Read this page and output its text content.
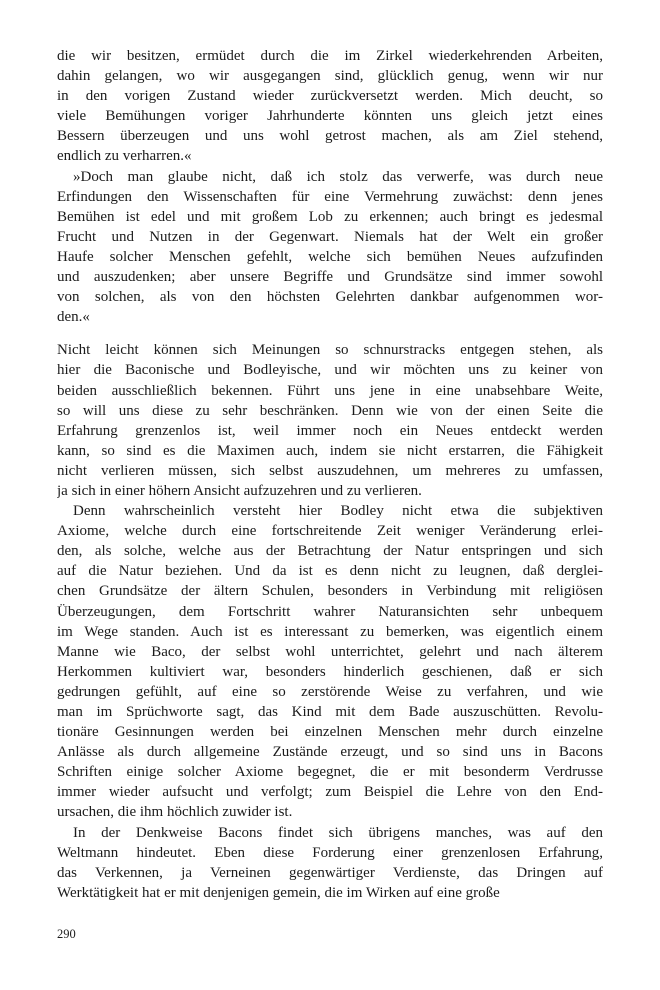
die wir besitzen, ermüdet durch die im Zirkel wiederkehrenden Arbeiten,
dahin gelangen, wo wir ausgegangen sind, glücklich genug, wenn wir nur
in den vorigen Zustand wieder zurückversetzt werden. Mich deucht, so
viele Bemühungen voriger Jahrhunderte könnten uns gleich jetzt eines
Bessern überzeugen und uns wohl getrost machen, als am Ziel stehend,
endlich zu verharren.«

»Doch man glaube nicht, daß ich stolz das verwerfe, was durch neue
Erfindungen den Wissenschaften für eine Vermehrung zuwächst: denn jenes
Bemühen ist edel und mit großem Lob zu erkennen; auch bringt es jedesmal
Frucht und Nutzen in der Gegenwart. Niemals hat der Welt ein großer
Haufe solcher Menschen gefehlt, welche sich bemühen Neues aufzufinden
und auszudenken; aber unsere Begriffe und Grundsätze sind immer sowohl
von solchen, als von den höchsten Gelehrten dankbar aufgenommen wor-
den.«

Nicht leicht können sich Meinungen so schnurstracks entgegen stehen, als
hier die Baconische und Bodleyische, und wir möchten uns zu keiner von
beiden ausschließlich bekennen. Führt uns jene in eine unabsehbare Weite,
so will uns diese zu sehr beschränken. Denn wie von der einen Seite die
Erfahrung grenzenlos ist, weil immer noch ein Neues entdeckt werden
kann, so sind es die Maximen auch, indem sie nicht erstarren, die Fähigkeit
nicht verlieren müssen, sich selbst auszudehnen, um mehreres zu umfassen,
ja sich in einer höhern Ansicht aufzuzehren und zu verlieren.

Denn wahrscheinlich versteht hier Bodley nicht etwa die subjektiven
Axiome, welche durch eine fortschreitende Zeit weniger Veränderung erlei-
den, als solche, welche aus der Betrachtung der Natur entspringen und sich
auf die Natur beziehen. Und da ist es denn nicht zu leugnen, daß derglei-
chen Grundsätze der ältern Schulen, besonders in Verbindung mit religiösen
Überzeugungen, dem Fortschritt wahrer Naturansichten sehr unbequem
im Wege standen. Auch ist es interessant zu bemerken, was eigentlich einem
Manne wie Baco, der selbst wohl unterrichtet, gelehrt und nach älterem
Herkommen kultiviert war, besonders hinderlich geschienen, daß er sich
gedrungen gefühlt, auf eine so zerstörende Weise zu verfahren, und wie
man im Sprüchworte sagt, das Kind mit dem Bade auszuschütten. Revolu-
tionäre Gesinnungen werden bei einzelnen Menschen mehr durch einzelne
Anlässe als durch allgemeine Zustände erzeugt, und so sind uns in Bacons
Schriften einige solcher Axiome begegnet, die er mit besonderm Verdrusse
immer wieder aufsucht und verfolgt; zum Beispiel die Lehre von den End-
ursachen, die ihm höchlich zuwider ist.

In der Denkweise Bacons findet sich übrigens manches, was auf den
Weltmann hindeutet. Eben diese Forderung einer grenzenlosen Erfahrung,
das Verkennen, ja Verneinen gegenwärtiger Verdienste, das Dringen auf
Werktätigkeit hat er mit denjenigen gemein, die im Wirken auf eine große

290
